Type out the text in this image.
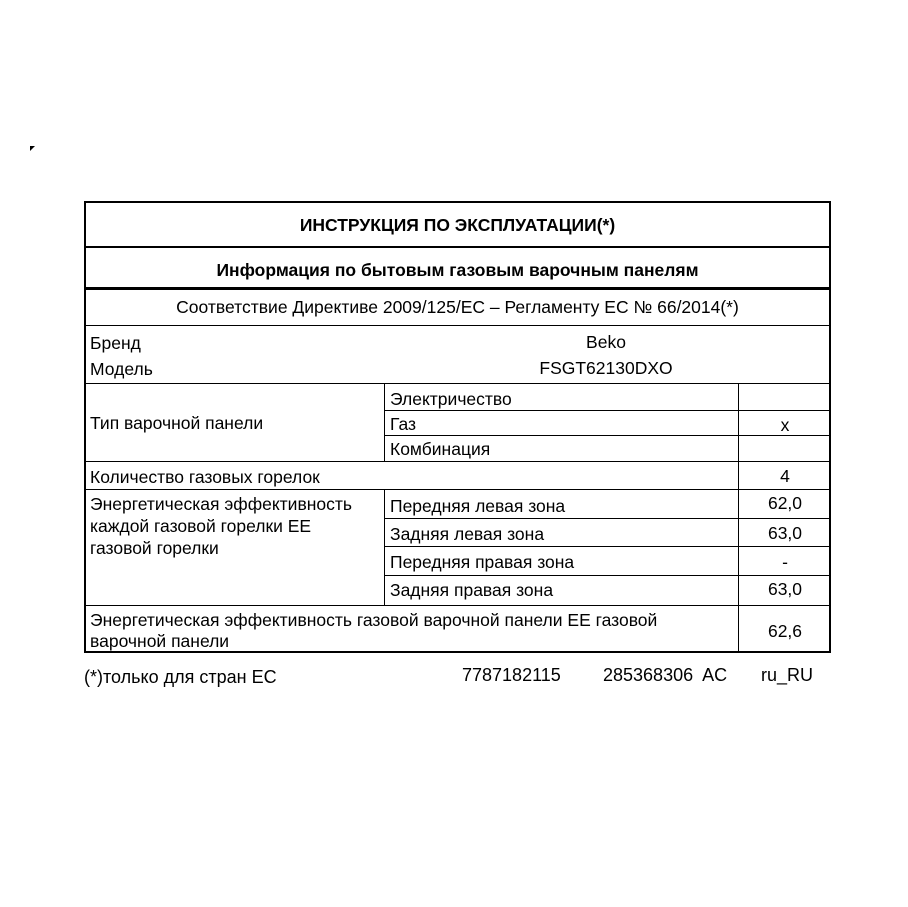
ИНСТРУКЦИЯ ПО ЭКСПЛУАТАЦИИ(*)
Информация по бытовым газовым варочным панелям
Соответствие Директиве 2009/125/EC – Регламенту ЕС № 66/2014(*)
Бренд	Beko
Модель	FSGT62130DXO
Тип варочной панели
Электричество
Газ	x
Комбинация
Количество газовых горелок	4
Энергетическая эффективность
каждой газовой горелки EE
газовой горелки
Передняя левая зона	62,0
Задняя левая зона	63,0
Передняя правая зона	-
Задняя правая зона	63,0
Энергетическая эффективность газовой варочной панели EE газовой
варочной панели	62,6
(*)только для стран ЕС	7787182115 285368306  AC ru_RU
